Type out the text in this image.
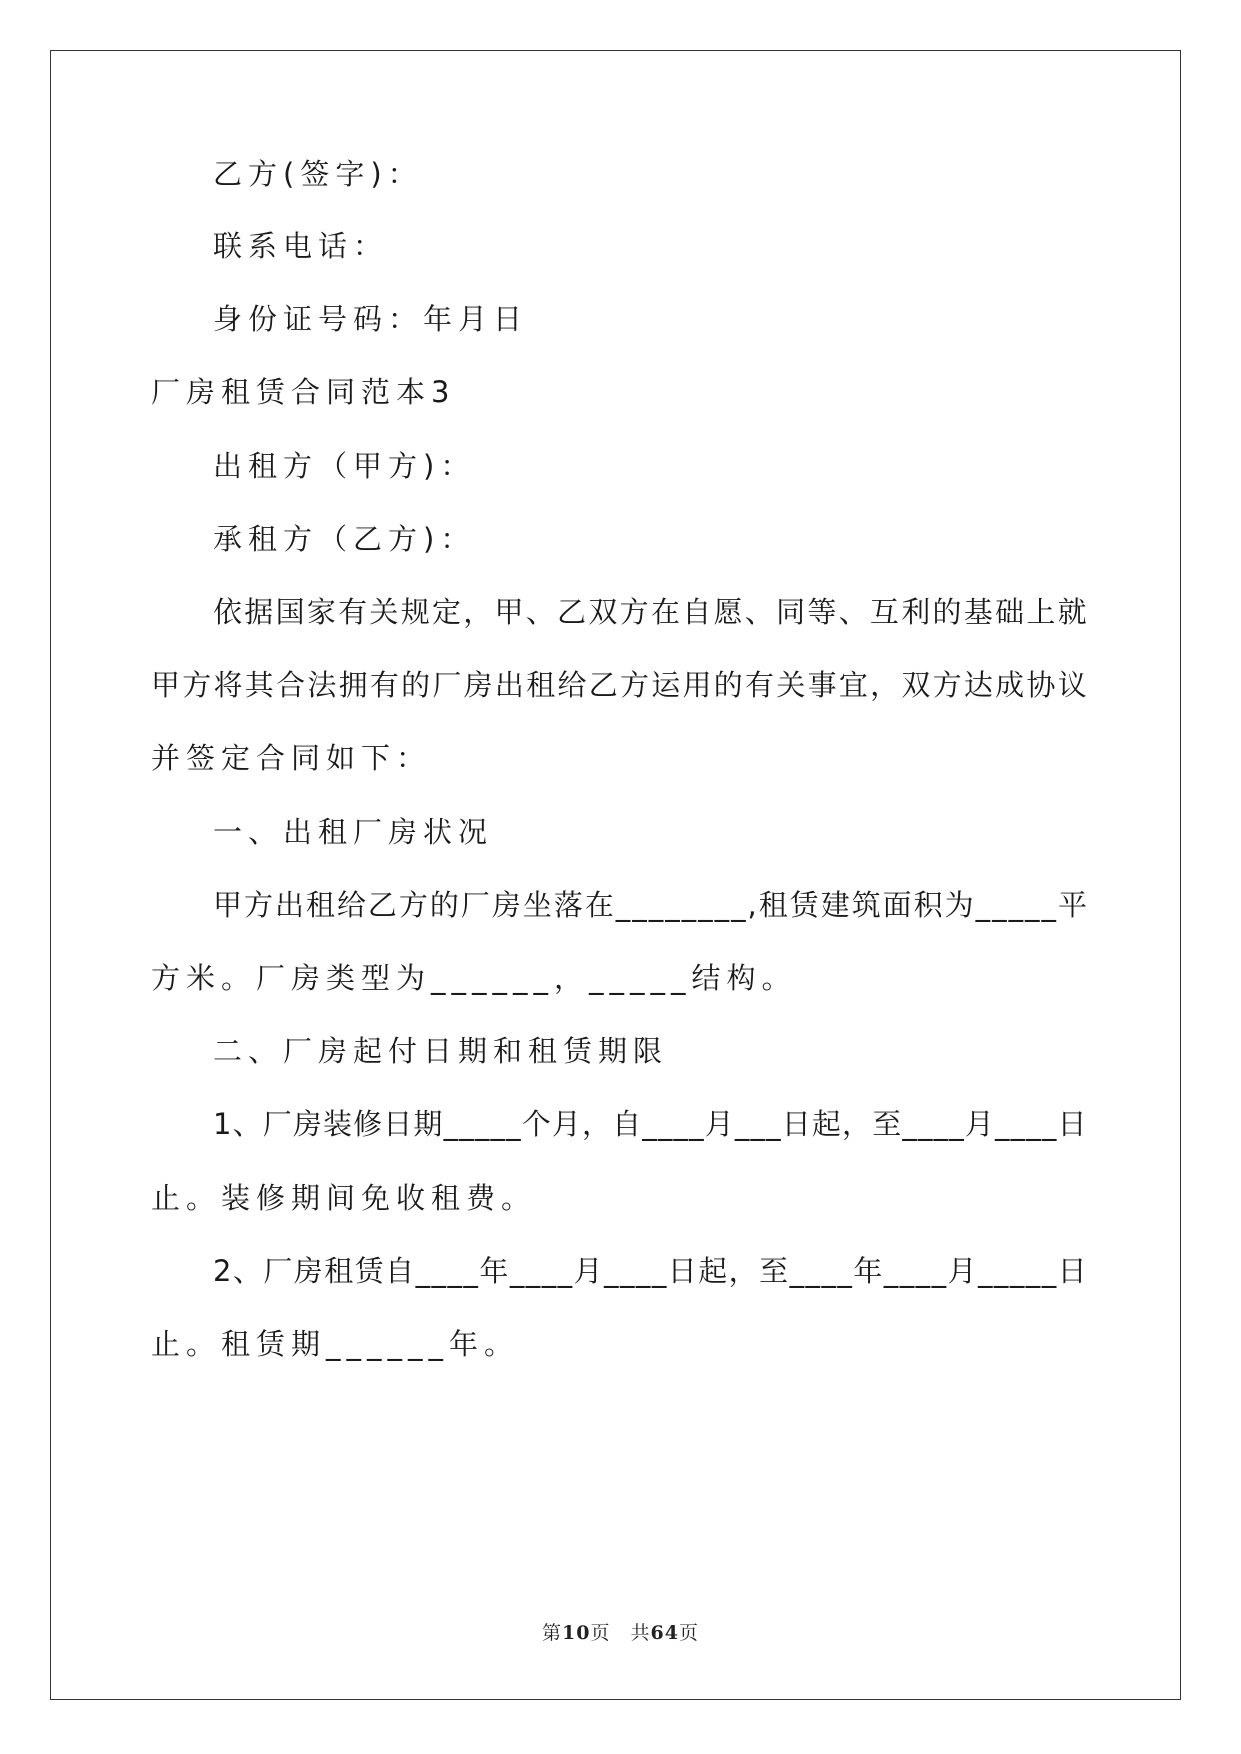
乙方(签字)：
联系电话：
身份证号码：年月日
厂房租赁合同范本3
出租方（甲方)：
承租方（乙方)：
依 据 国 家 有 关 规 定 ， 甲 、 乙 双 方 在 自 愿 、 同 等 、 互 利 的 基 础 上 就
甲 方 将 其 合 法 拥 有 的 厂 房 出 租 给 乙 方 运 用 的 有 关 事 宜 ， 双 方 达 成 协 议
并签定合同如下：
一、出租厂房状况
甲 方 出 租 给 乙 方 的 厂 房 坐 落 在 _ _ _ _ _ _ _ _ , 租 赁 建 筑 面 积 为 _ _ _ _ _ 平
方米。厂房类型为______，_____结构。
二、厂房起付日期和租赁期限
1 、 厂 房 装 修 日 期 _ _ _ _ _ 个 月 ， 自 _ _ _ _ 月 _ _ _ 日 起 ， 至 _ _ _ _ 月 _ _ _ _ 日
止。装修期间免收租费。
2 、 厂 房 租 赁 自 _ _ _ _ 年 _ _ _ _ 月 _ _ _ _ 日 起 ， 至 _ _ _ _ 年 _ _ _ _ 月 _ _ _ _ _ 日
止。租赁期______年。
第10页　共64页
